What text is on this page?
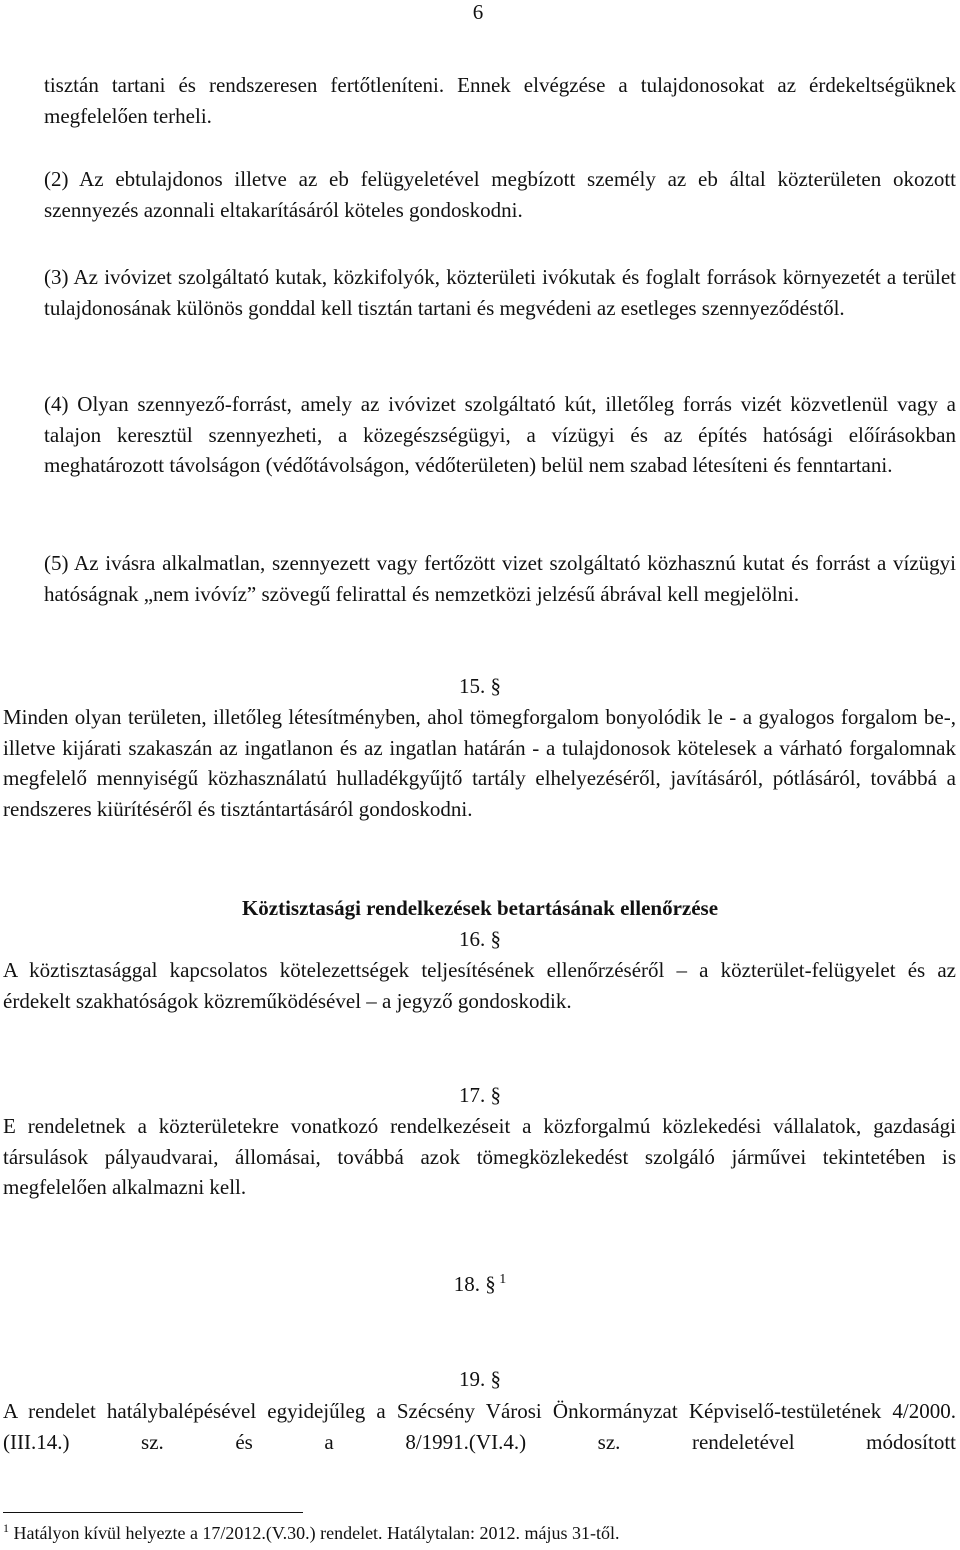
6

tisztán tartani és rendszeresen fertőtleníteni. Ennek elvégzése a tulajdonosokat az érdekeltségüknek megfelelően terheli.

(2) Az ebtulajdonos illetve az eb felügyeletével megbízott személy az eb által közterületen okozott szennyezés azonnali eltakarításáról köteles gondoskodni.

(3) Az ivóvizet szolgáltató kutak, közkifolyók, közterületi ivókutak és foglalt források környezetét a terület tulajdonosának különös gonddal kell tisztán tartani és megvédeni az esetleges szennyeződéstől.

(4) Olyan szennyező-forrást, amely az ivóvizet szolgáltató kút, illetőleg forrás vizét közvetlenül vagy a talajon keresztül szennyezheti, a közegészségügyi, a vízügyi és az építés hatósági előírásokban meghatározott távolságon (védőtávolságon, védőterületen) belül nem szabad létesíteni és fenntartani.

(5) Az ivásra alkalmatlan, szennyezett vagy fertőzött vizet szolgáltató közhasznú kutat és forrást a vízügyi hatóságnak „nem ivóvíz” szövegű felirattal és nemzetközi jelzésű ábrával kell megjelölni.

15. §

Minden olyan területen, illetőleg létesítményben, ahol tömegforgalom bonyolódik le - a gyalogos forgalom be-, illetve kijárati szakaszán az ingatlanon és az ingatlan határán - a tulajdonosok kötelesek a várható forgalomnak megfelelő mennyiségű közhasználatú hulladékgyűjtő tartály elhelyezéséről, javításáról, pótlásáról, továbbá a rendszeres kiürítéséről és tisztántartásáról gondoskodni.

Köztisztasági rendelkezések betartásának ellenőrzése

16. §

A köztisztasággal kapcsolatos kötelezettségek teljesítésének ellenőrzéséről – a közterület-felügyelet és az érdekelt szakhatóságok közreműködésével – a jegyző gondoskodik.

17. §

E rendeletnek a közterületekre vonatkozó rendelkezéseit a közforgalmú közlekedési vállalatok, gazdasági társulások pályaudvarai, állomásai, továbbá azok tömegközlekedést szolgáló járművei tekintetében is megfelelően alkalmazni kell.

18. § $^1$

19. §

A rendelet hatálybalépésével egyidejűleg a Szécsény Városi Önkormányzat Képviselő-testületének 4/2000.(III.14.) sz. és a 8/1991.(VI.4.) sz. rendeletével módosított

$^1$ Hatályon kívül helyezte a 17/2012.(V.30.) rendelet. Hatálytalan: 2012. május 31-től.
